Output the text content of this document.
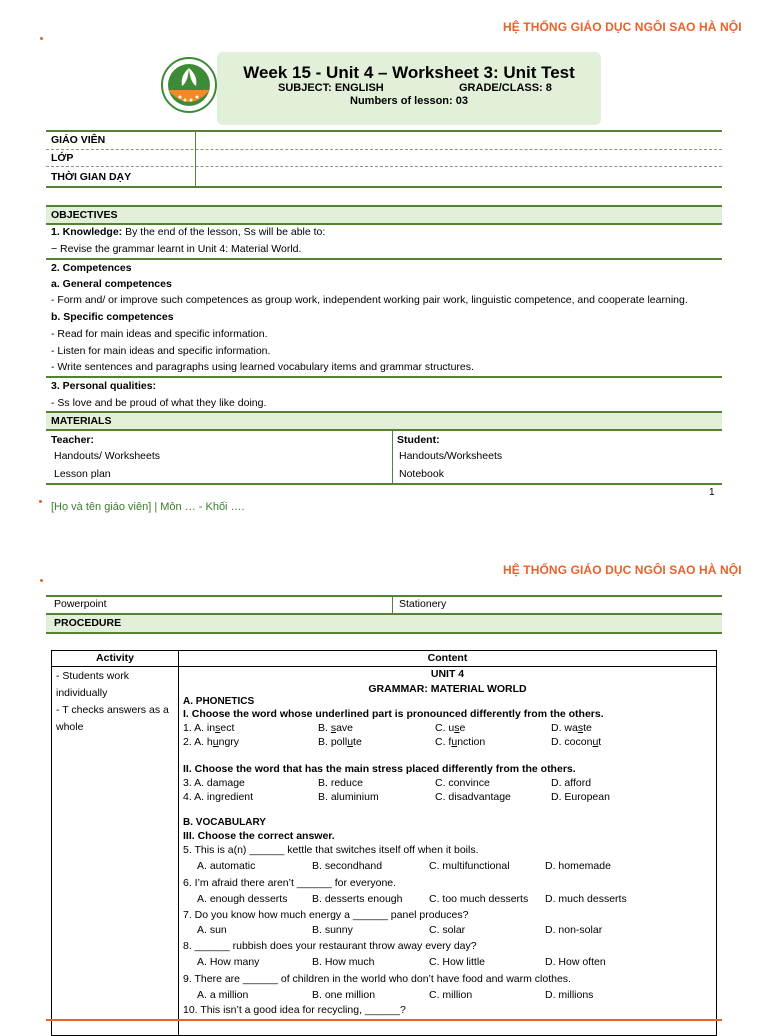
HỆ THỐNG GIÁO DỤC NGÔI SAO HÀ NỘI
Week 15 - Unit 4 – Worksheet 3: Unit Test
SUBJECT: ENGLISH	GRADE/CLASS: 8
Numbers of lesson: 03
GIÁO VIÊN
LỚP
THỜI GIAN DẠY
OBJECTIVES
1. Knowledge: By the end of the lesson, Ss will be able to:
− Revise the grammar learnt in Unit 4: Material World.
2. Competences
a. General competences
- Form and/ or improve such competences as group work, independent working pair work, linguistic competence, and cooperate learning.
b. Specific competences
- Read for main ideas and specific information.
- Listen for main ideas and specific information.
- Write sentences and paragraphs using learned vocabulary items and grammar structures.
3. Personal qualities:
- Ss love and be proud of what they like doing.
MATERIALS
Teacher:	Student:
Handouts/ Worksheets	Handouts/Worksheets
Lesson plan	Notebook
1
[Họ và tên giáo viên] | Môn … - Khối ….
HỆ THỐNG GIÁO DỤC NGÔI SAO HÀ NỘI
Powerpoint	Stationery
PROCEDURE
Activity	Content
- Students work
individually
- T checks answers as a
whole
UNIT 4
GRAMMAR: MATERIAL WORLD
A. PHONETICS
I. Choose the word whose underlined part is pronounced differently from the others.
1. A. insect	B. save	C. use	D. waste
2. A. hungry	B. pollute	C. function	D. coconut
II. Choose the word that has the main stress placed differently from the others.
3. A. damage	B. reduce	C. convince	D. afford
4. A. ingredient	B. aluminium	C. disadvantage	D. European
B. VOCABULARY
III. Choose the correct answer.
5. This is a(n) ______ kettle that switches itself off when it boils.
A. automatic	B. secondhand	C. multifunctional	D. homemade
6. I’m afraid there aren’t ______ for everyone.
A. enough desserts B. desserts enough	C. too much desserts D. much desserts
7. Do you know how much energy a ______ panel produces?
A. sun	B. sunny	C. solar	D. non-solar
8. ______ rubbish does your restaurant throw away every day?
A. How many	B. How much	C. How little	D. How often
9. There are ______ of children in the world who don’t have food and warm clothes.
A. a million	B. one million	C. million	D. millions
10. This isn’t a good idea for recycling, ______?
